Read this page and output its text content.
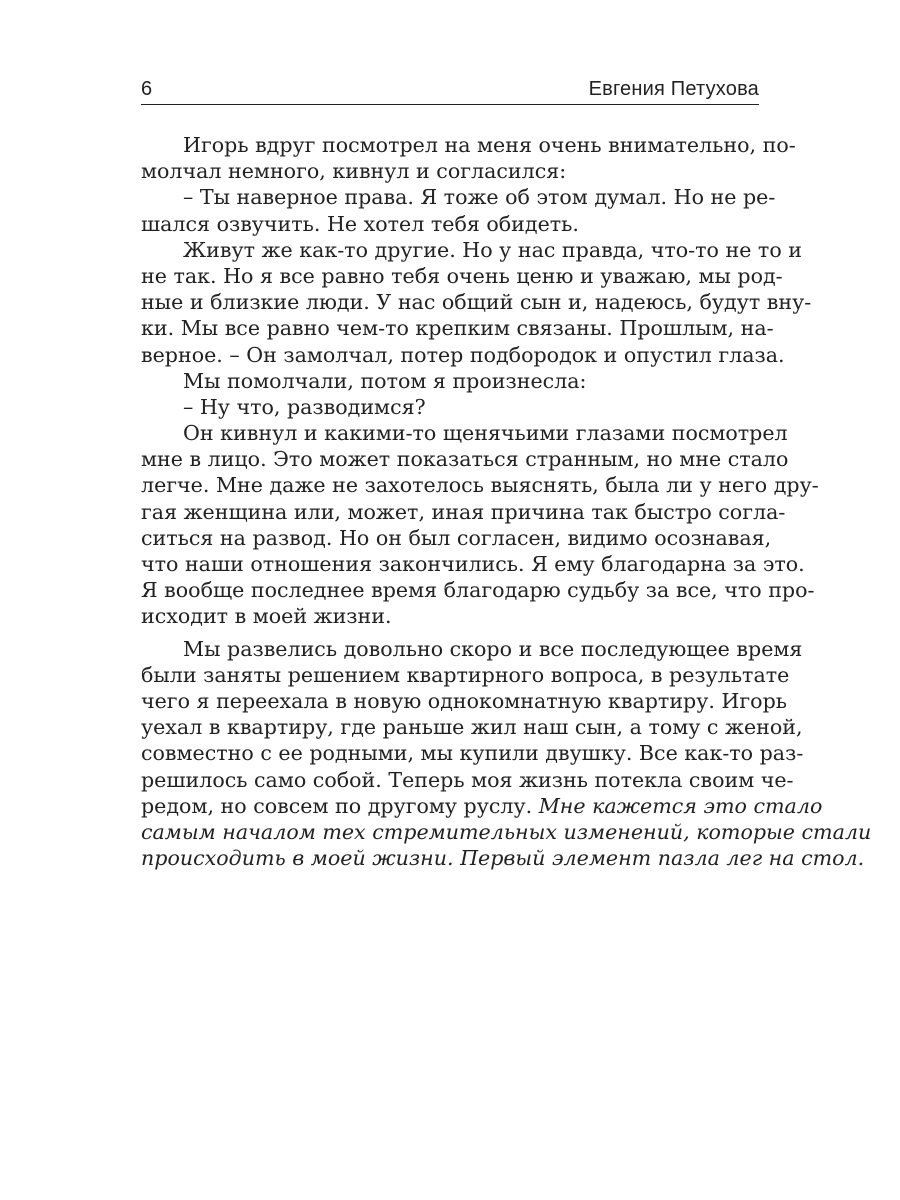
6	Евгения Петухова
Игорь вдруг посмотрел на меня очень внимательно, по-
молчал немного, кивнул и согласился:
– Ты наверное права. Я тоже об этом думал. Но не ре-
шался озвучить. Не хотел тебя обидеть.
Живут же как-то другие. Но у нас правда, что-то не то и
не так. Но я все равно тебя очень ценю и уважаю, мы род-
ные и близкие люди. У нас общий сын и, надеюсь, будут вну-
ки. Мы все равно чем-то крепким связаны. Прошлым, на-
верное. – Он замолчал, потер подбородок и опустил глаза.
Мы помолчали, потом я произнесла:
– Ну что, разводимся?
Он кивнул и какими-то щенячьими глазами посмотрел
мне в лицо. Это может показаться странным, но мне стало
легче. Мне даже не захотелось выяснять, была ли у него дру-
гая женщина или, может, иная причина так быстро согла-
ситься на развод. Но он был согласен, видимо осознавая,
что наши отношения закончились. Я ему благодарна за это.
Я вообще последнее время благодарю судьбу за все, что про-
исходит в моей жизни.
Мы развелись довольно скоро и все последующее время
были заняты решением квартирного вопроса, в результате
чего я переехала в новую однокомнатную квартиру. Игорь
уехал в квартиру, где раньше жил наш сын, а тому с женой,
совместно с ее родными, мы купили двушку. Все как-то раз-
решилось само собой. Теперь моя жизнь потекла своим че-
редом, но совсем по другому руслу. Мне кажется это стало
самым началом тех стремительных изменений, которые стали
происходить в моей жизни. Первый элемент пазла лег на стол.
